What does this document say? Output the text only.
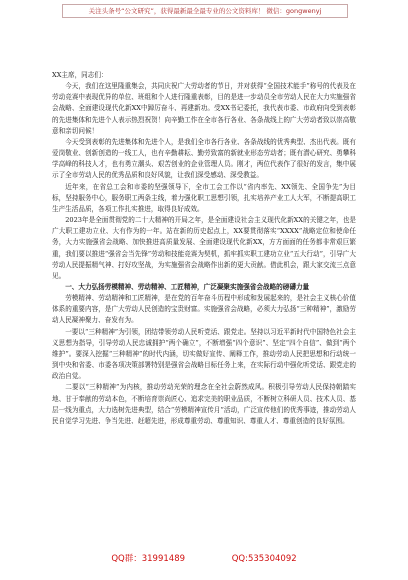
关注头条号“公文研究”，获得最新最全最专业的公文资料库！ 微信：gongwenyj

XX主席，同志们：

今天，我们在这里隆重集会，共同庆祝广大劳动者的节日，并对获得“全国技术能手”称号的代表及在劳动竞赛中表现优异的单位、班组和个人进行隆重表彰，目的是进一步动员全市劳动人民在大力实施强省会战略、全面建设现代化新XX中踔厉奋斗、再建新功。受XX书记委托，我代表市委、市政府向受到表彰的先进集体和先进个人表示热烈祝贺！向辛勤工作在全市各行各业、各条战线上的广大劳动者致以崇高敬意和亲切问候！

今天受到表彰的先进集体和先进个人，是我们全市各行各业、各条战线的优秀典型、杰出代表。既有爱岗敬业、创新创造的一线工人，也有辛勤耕耘、勤劳致富的新就业形态劳动者；既有潜心研究、勇攀科学高峰的科技人才，也有勇立潮头、艰苦创业的企业管理人员。刚才，两位代表作了很好的发言，集中展示了全市劳动人民的优秀品质和良好风貌，让我们深受感动、深受教益。

近年来，在省总工会和市委的坚强领导下，全市工会工作以“省内率先、XX领先、全国争先”为目标，坚持服务中心，服务职工两条主线，着力强化职工思想引领，扎实培养产业工人大军，不断提高职工生产生活品质，各项工作扎实推进，取得良好成效。

2023年是全面贯彻党的二十大精神的开局之年，是全面建设社会主义现代化新XX的关键之年，也是广大职工建功立业、大有作为的一年。站在新的历史起点上，XX要贯彻落实“XXXX”战略定位和使命任务，大力实施强省会战略、加快推进高质量发展、全面建设现代化新XX，方方面面的任务都非常艰巨繁重，我们要以推进“强省会当先锋”劳动和技能竞赛为契机，抓牢抓实职工建功立业“五大行动”，引导广大劳动人民提振精气神、打好攻坚战，为实施强省会战略作出新的更大贡献。借此机会，跟大家交流三点意见。

一、大力弘扬劳模精神、劳动精神、工匠精神，广泛凝聚实施强省会战略的磅礴力量

劳模精神、劳动精神和工匠精神，是在党的百年奋斗历程中形成和发展起来的，是社会主义核心价值体系的重要内容，是广大劳动人民创造的宝贵财富。实施强省会战略，必须大力弘扬“三种精神”，激励劳动人民凝神聚力、奋发有为。

一要以“三种精神”为引领，团结带领劳动人民听党话、跟党走。坚持以习近平新时代中国特色社会主义思想为指导，引导劳动人民忠诚拥护“两个确立”，不断增强“四个意识”、坚定“四个自信”、做到“两个维护”。要深入挖掘“三种精神”的时代内涵，切实做好宣传、阐释工作，推动劳动人民把思想和行动统一到中央和省委、市委各项决策部署特别是强省会战略目标任务上来，在实际行动中强化听党话、跟党走的政治自觉。

二要以“三种精神”为内核，推动劳动光荣的理念在全社会蔚然成风。积极引导劳动人民保持朝踏实地、甘于奉献的劳动本色，不断培育崇尚匠心、追求完美的职业品质，不断树立科研人员、技术人员、基层一线为重点，大力选树先进典型，结合“劳模精神宣传月”活动，广泛宣传他们的优秀事迹，推动劳动人民自觉学习先进、争当先进、赶超先进，形成尊重劳动、尊重知识、尊重人才、尊重创造的良好氛围。

QQ群：31991489	QQ:535304092
